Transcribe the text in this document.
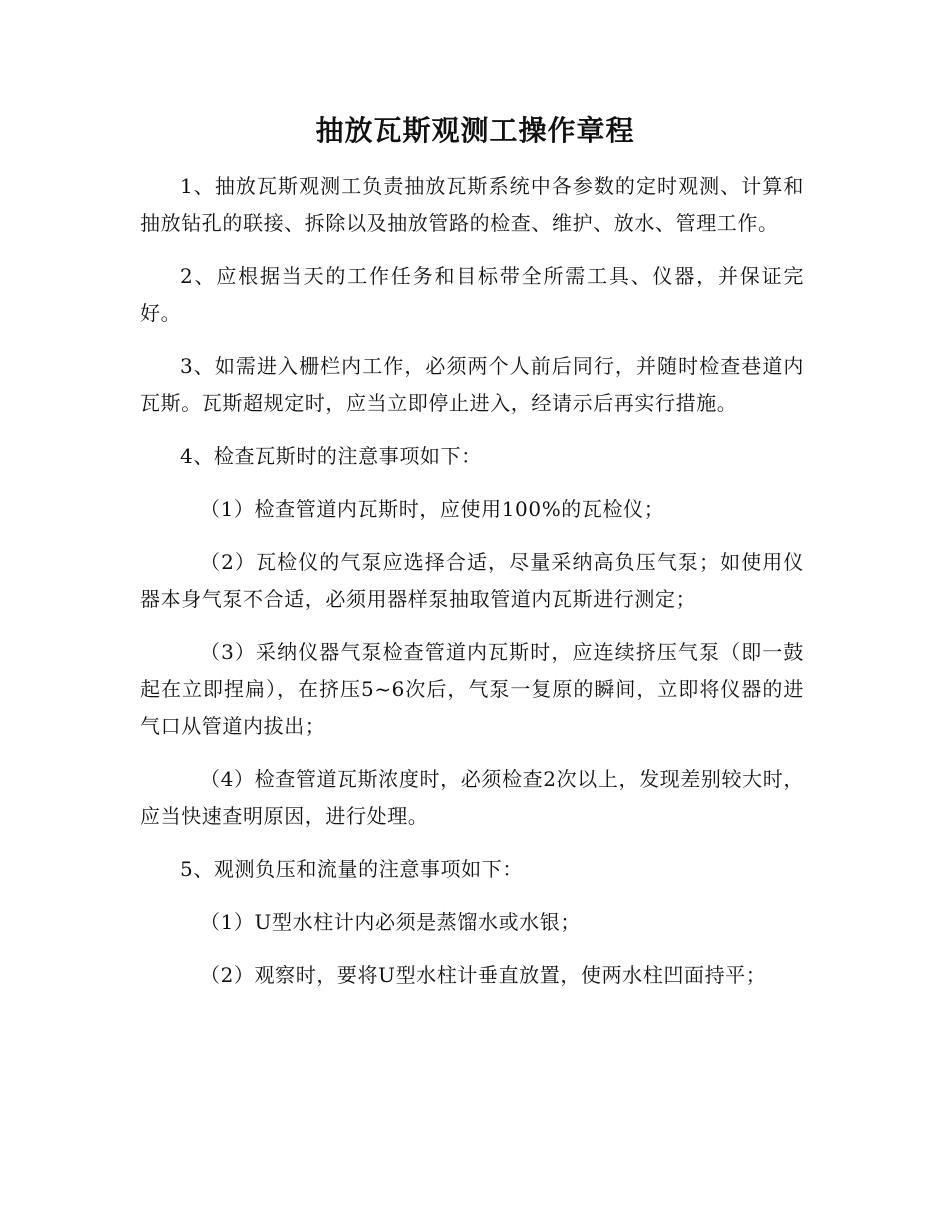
抽放瓦斯观测工操作章程

1、抽放瓦斯观测工负责抽放瓦斯系统中各参数的定时观测、计算和抽放钻孔的联接、拆除以及抽放管路的检查、维护、放水、管理工作。

2、应根据当天的工作任务和目标带全所需工具、仪器，并保证完好。

3、如需进入栅栏内工作，必须两个人前后同行，并随时检查巷道内瓦斯。瓦斯超规定时，应当立即停止进入，经请示后再实行措施。

4、检查瓦斯时的注意事项如下：

（1）检查管道内瓦斯时，应使用100%的瓦检仪；

（2）瓦检仪的气泵应选择合适，尽量采纳高负压气泵；如使用仪器本身气泵不合适，必须用器样泵抽取管道内瓦斯进行测定；

（3）采纳仪器气泵检查管道内瓦斯时，应连续挤压气泵（即一鼓起在立即捏扁），在挤压5~6次后，气泵一复原的瞬间，立即将仪器的进气口从管道内拔出；

（4）检查管道瓦斯浓度时，必须检查2次以上，发现差别较大时，应当快速查明原因，进行处理。

5、观测负压和流量的注意事项如下：

（1）U型水柱计内必须是蒸馏水或水银；

（2）观察时，要将U型水柱计垂直放置，使两水柱凹面持平；
